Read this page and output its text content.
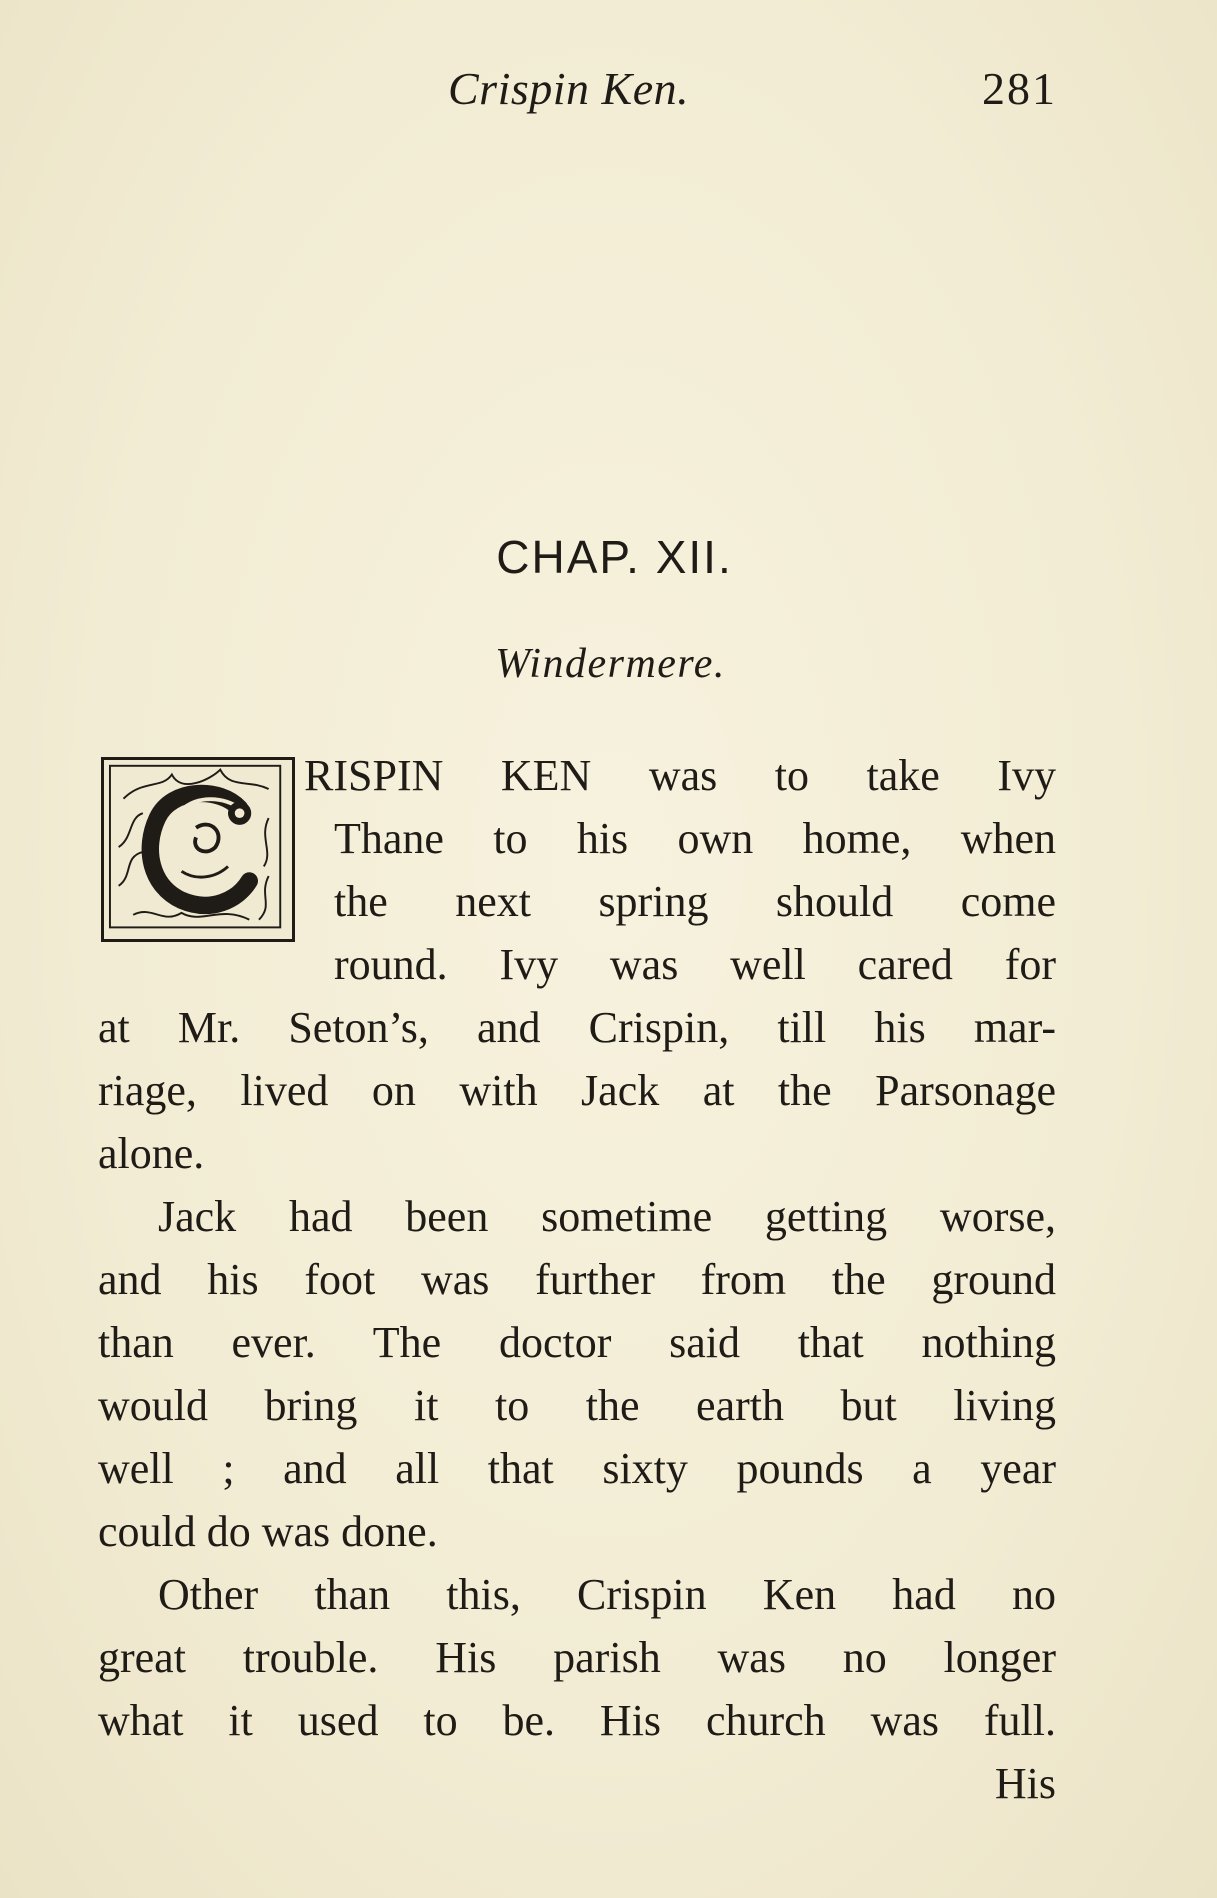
Crispin Ken.	281
CHAP. XII.
Windermere.
RISPIN KEN was to take Ivy
Thane to his own home, when
the next spring should come
round. Ivy was well cared for
at Mr. Seton’s, and Crispin, till his mar-
riage, lived on with Jack at the Parsonage
alone.
Jack had been sometime getting worse,
and his foot was further from the ground
than ever. The doctor said that nothing
would bring it to the earth but living
well ; and all that sixty pounds a year
could do was done.
Other than this, Crispin Ken had no
great trouble. His parish was no longer
what it used to be. His church was full.
His
